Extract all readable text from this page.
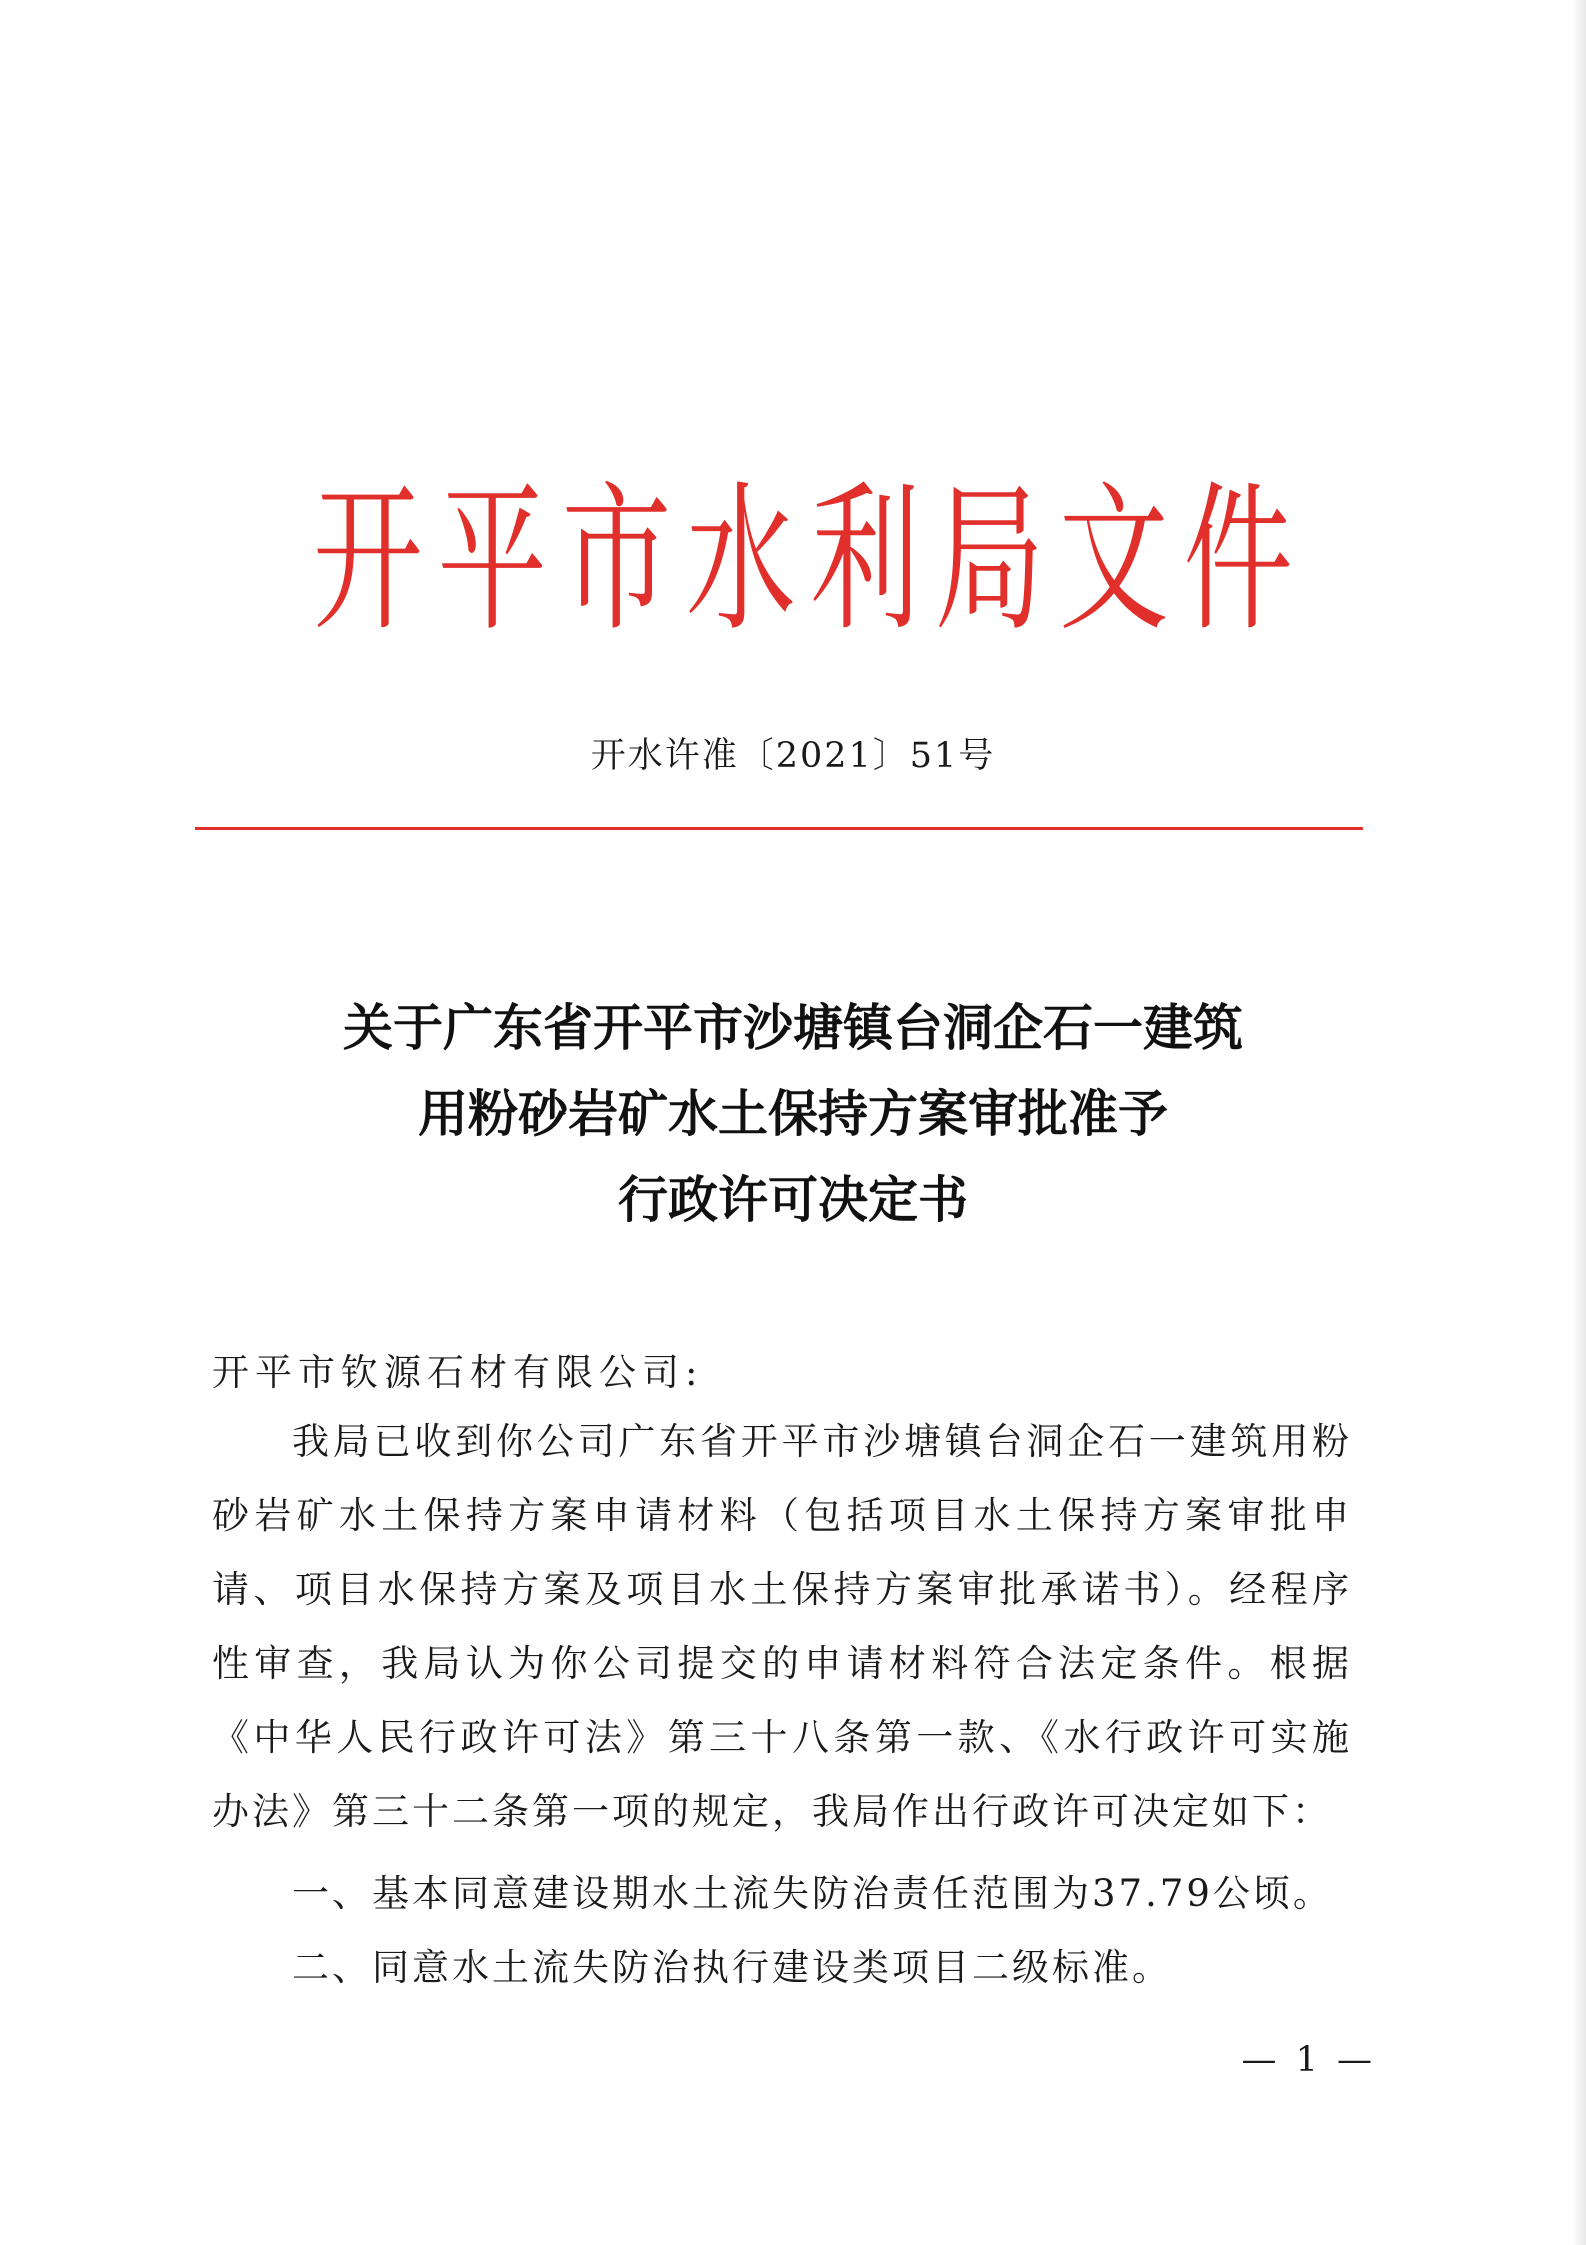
开平市水利局文件
开水许准〔2021〕51号
关于广东省开平市沙塘镇台洞企石一建筑
用粉砂岩矿水土保持方案审批准予
行政许可决定书
开平市钦源石材有限公司:
我局已收到你公司广东省开平市沙塘镇台洞企石一建筑用粉砂岩矿水土保持方案申请材料（包括项目水土保持方案审批申请、项目水保持方案及项目水土保持方案审批承诺书）。经程序性审查，我局认为你公司提交的申请材料符合法定条件。根据《中华人民行政许可法》第三十八条第一款、《水行政许可实施办法》第三十二条第一项的规定，我局作出行政许可决定如下：
一、基本同意建设期水土流失防治责任范围为37.79公顷。
二、同意水土流失防治执行建设类项目二级标准。
— 1 —
